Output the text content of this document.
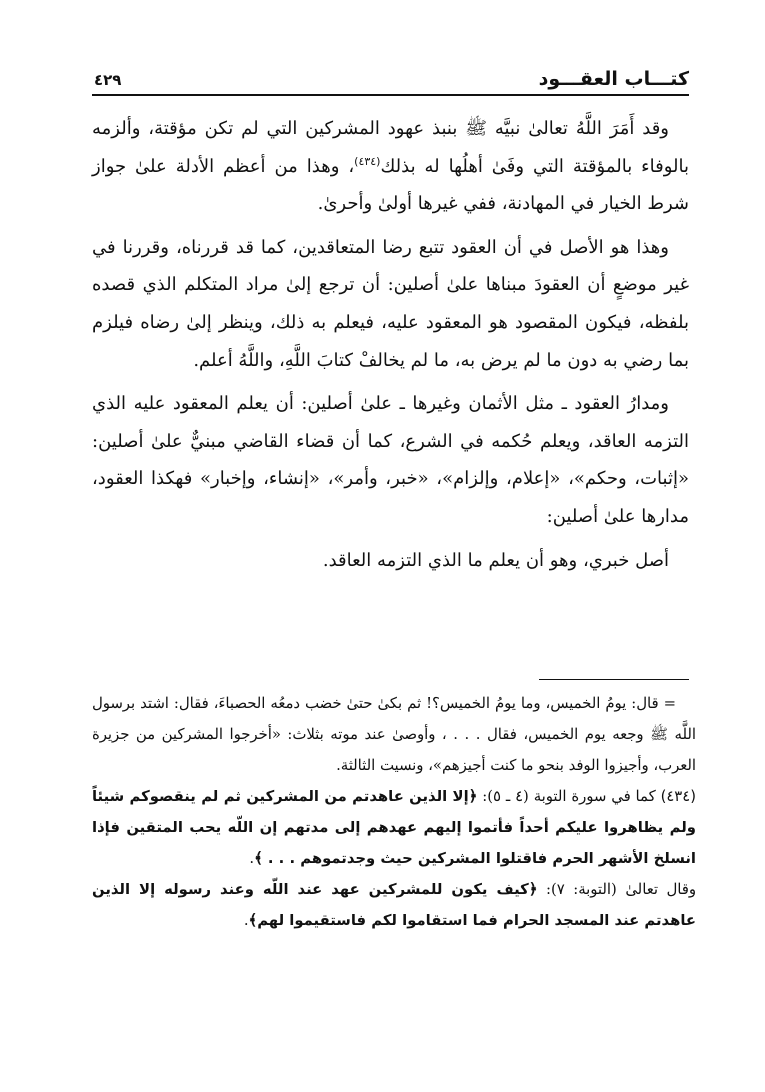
كتـــاب العقـــود
٤٢٩

وقد أَمَرَ اللَّهُ تعالىٰ نبيَّه ﷺ بنبذ عهود المشركين التي لم تكن مؤقتة، وألزمه بالوفاء بالمؤقتة التي وفَىٰ أهلُها له بذلك$^{(٤٣٤)}$، وهذا من أعظم الأدلة علىٰ جواز شرط الخيار في المهادنة، ففي غيرها أولىٰ وأحرىٰ.

وهذا هو الأصل في أن العقود تتبع رضا المتعاقدين، كما قد قررناه، وقررنا في غير موضعٍ أن العقودَ مبناها علىٰ أصلين: أن ترجع إلىٰ مراد المتكلم الذي قصده بلفظه، فيكون المقصود هو المعقود عليه، فيعلم به ذلك، وينظر إلىٰ رضاه فيلزم بما رضي به دون ما لم يرض به، ما لم يخالفْ كتابَ اللَّهِ، واللَّهُ أعلم.

ومدارُ العقود ـ مثل الأثمان وغيرها ـ علىٰ أصلين: أن يعلم المعقود عليه الذي التزمه العاقد، ويعلم حُكمه في الشرع، كما أن قضاء القاضي مبنيٌّ علىٰ أصلين: «إثبات، وحكم»، «إعلام، وإلزام»، «خبر، وأمر»، «إنشاء، وإخبار» فهكذا العقود، مدارها علىٰ أصلين:

أصل خبري، وهو أن يعلم ما الذي التزمه العاقد.

= قال: يومُ الخميس، وما يومُ الخميس؟! ثم بكىٰ حتىٰ خضب دمعُه الحصباءَ، فقال: اشتد برسول اللَّه ﷺ وجعه يوم الخميس، فقال . . . ، وأوصىٰ عند موته بثلاث: «أخرجوا المشركين من جزيرة العرب، وأجيزوا الوفد بنحو ما كنت أجيزهم»، ونسيت الثالثة.

(٤٣٤) كما في سورة التوبة (٤ ـ ٥): ﴿إلا الذين عاهدتم من المشركين ثم لم ينقصوكم شيئاً ولم يظاهروا عليكم أحداً فأتموا إليهم عهدهم إلى مدتهم إن اللّه يحب المتقين فإذا انسلخ الأشهر الحرم فاقتلوا المشركين حيث وجدتموهم . . . ﴾.

وقال تعالىٰ (التوبة: ٧): ﴿كيف يكون للمشركين عهد عند اللّه وعند رسوله إلا الذين عاهدتم عند المسجد الحرام فما استقاموا لكم فاستقيموا لهم﴾.
